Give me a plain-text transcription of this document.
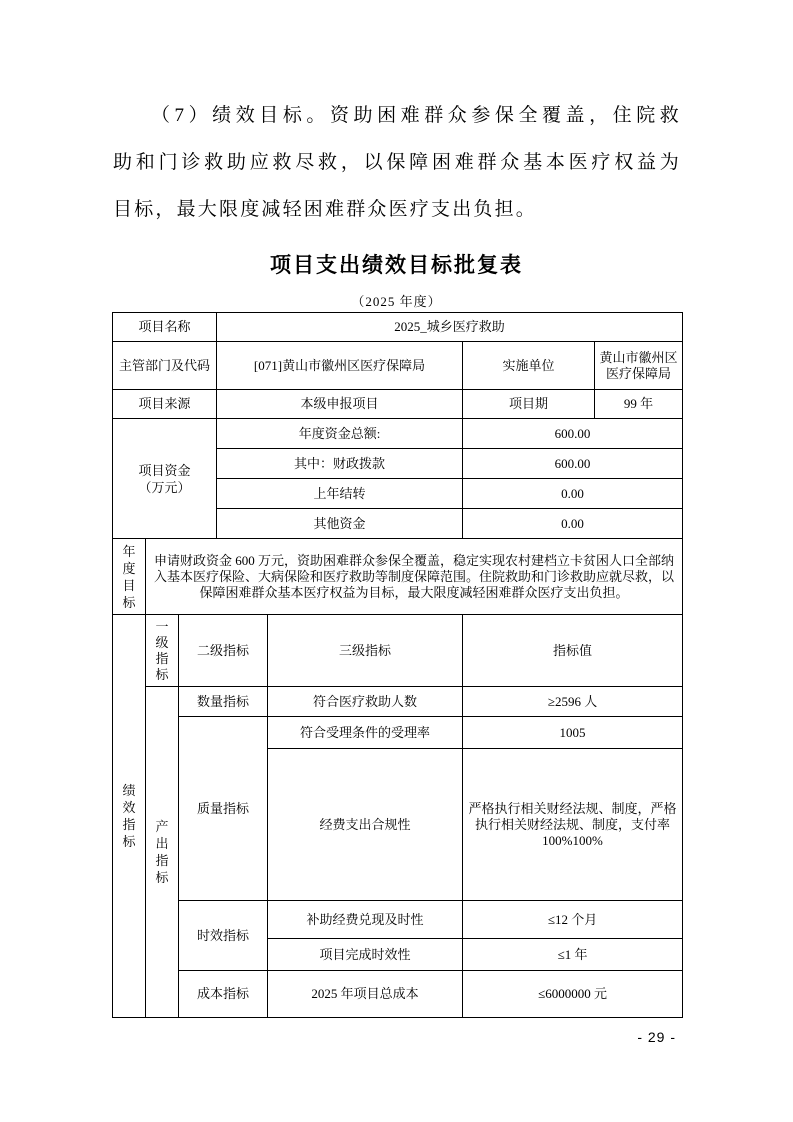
（7）绩效目标。资助困难群众参保全覆盖，住院救
助和门诊救助应救尽救，以保障困难群众基本医疗权益为
目标，最大限度减轻困难群众医疗支出负担。
项目支出绩效目标批复表
（2025 年度）
项目名称			2025_城乡医疗救助			
主管部门及代码			[071]黄山市徽州区医疗保障局		实施单位	黄山市徽州区医疗保障局
项目来源			本级申报项目		项目期	99 年
项目资金（万元）			年度资金总额:		600.00	
			其中：财政拨款		600.00	
			上年结转		0.00	
			其他资金		0.00	
年度目标	申请财政资金 600 万元，资助困难群众参保全覆盖，稳定实现农村建档立卡贫困人口全部纳入基本医疗保险、大病保险和医疗救助等制度保障范围。住院救助和门诊救助应就尽救，以保障困难群众基本医疗权益为目标，最大限度减轻困难群众医疗支出负担。					
绩效指标	一级指标	二级指标		三级指标	指标值	
	产出指标	数量指标		符合医疗救助人数	≥2596 人	
		质量指标		符合受理条件的受理率	1005	
				经费支出合规性	严格执行相关财经法规、制度，严格执行相关财经法规、制度，支付率 100%100%	
		时效指标		补助经费兑现及时性	≤12 个月	
				项目完成时效性	≤1 年	
		成本指标		2025 年项目总成本	≤6000000 元	
- 29 -
